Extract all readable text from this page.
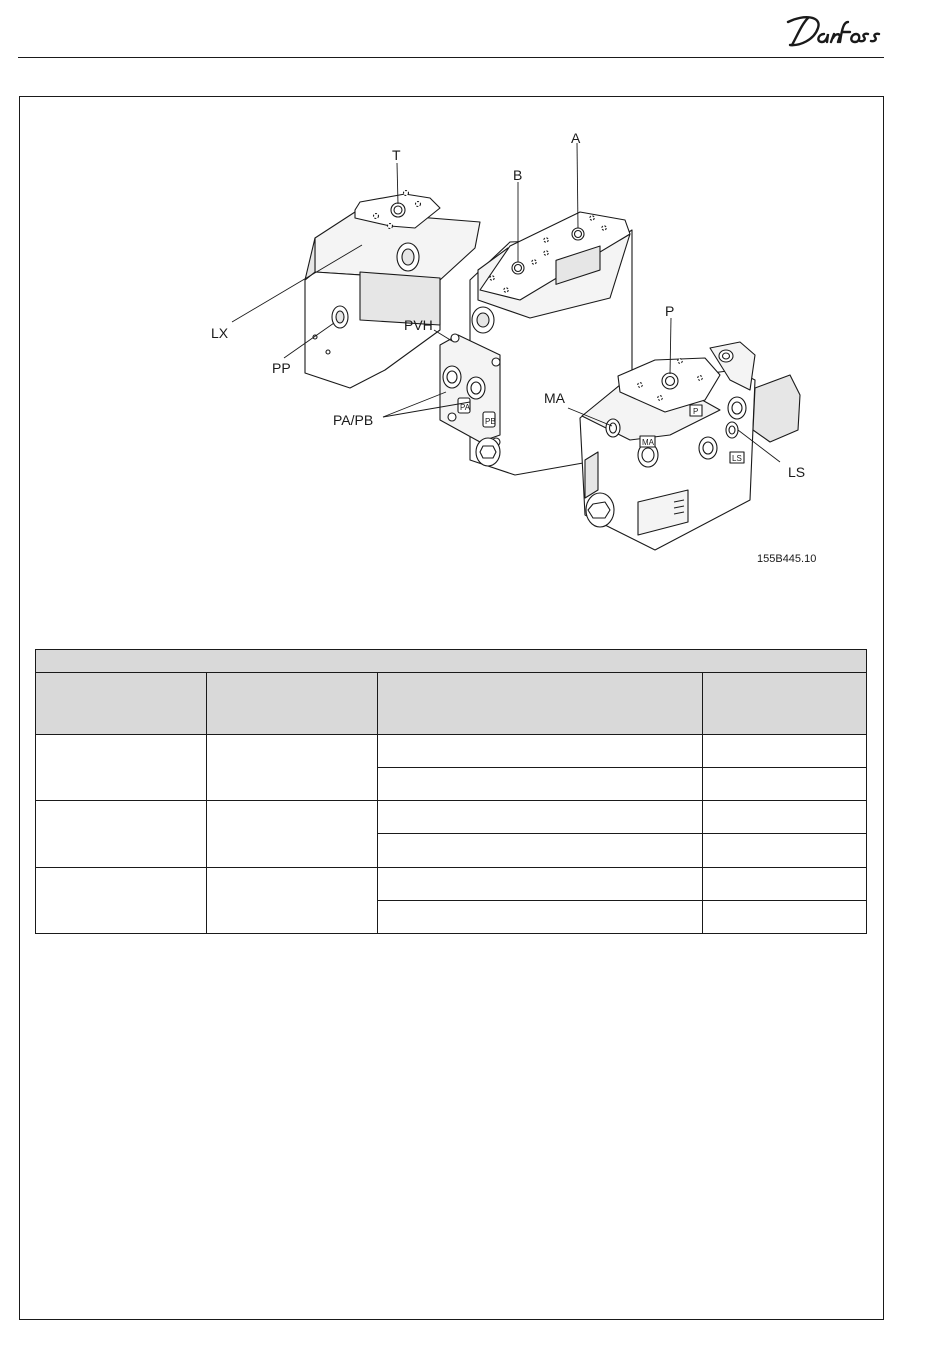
PA
PB
MA
P
LS
T
A
B
P
LX
PP
PVH
PA/PB
MA
LS
155B445.10
